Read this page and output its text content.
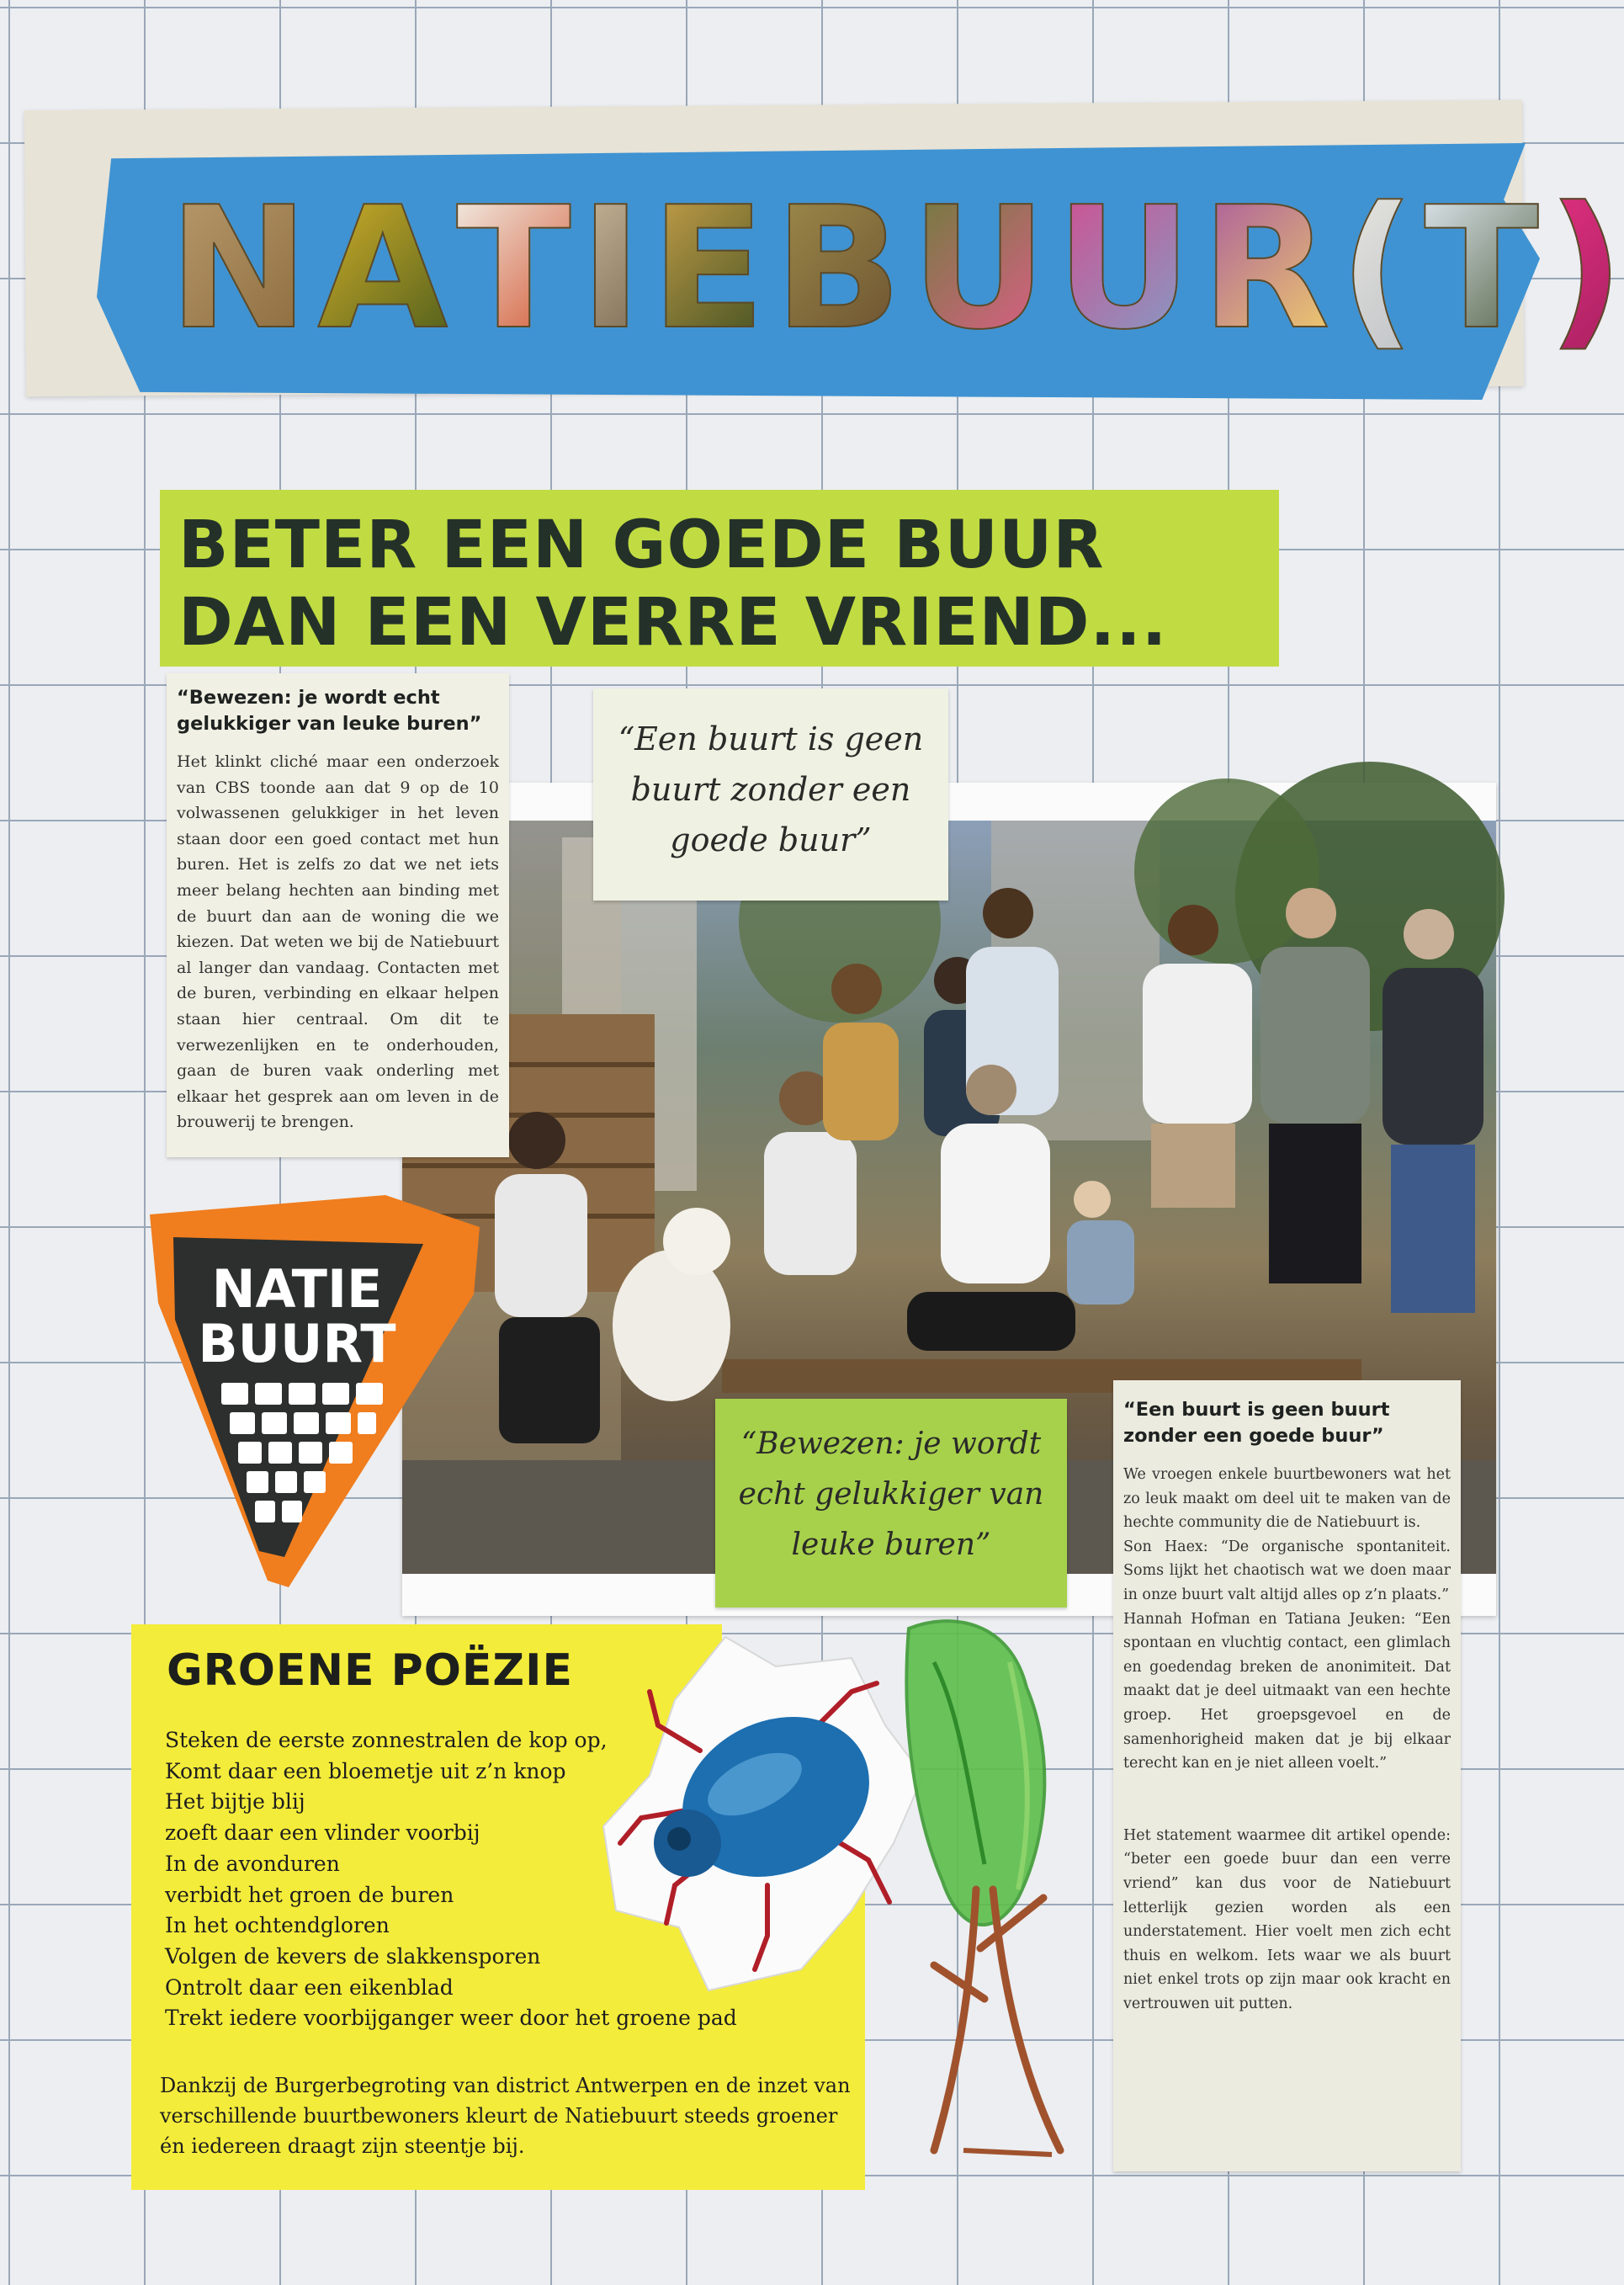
N A T I E B U U R ( T )
BETER EEN GOEDE BUUR
DAN EEN VERRE VRIEND...
“Bewezen: je wordt echt gelukkiger van leuke buren”
Het klinkt cliché maar een onderzoek van CBS toonde aan dat 9 op de 10 volwassenen gelukkiger in het leven staan door een goed contact met hun buren. Het is zelfs zo dat we net iets meer belang hechten aan binding met de buurt dan aan de woning die we kiezen. Dat weten we bij de Natiebuurt al langer dan vandaag. Contacten met de buren, verbinding en elkaar helpen staan hier centraal. Om dit te verwezenlijken en te onderhouden, gaan de buren vaak onderling met elkaar het gesprek aan om leven in de brouwerij te brengen.
“Een buurt is geen buurt zonder een goede buur”
“Bewezen: je wordt echt gelukkiger van leuke buren”
NATIE
BUURT
“Een buurt is geen buurt zonder een goede buur”

We vroegen enkele buurtbewoners wat het zo leuk maakt om deel uit te maken van de hechte community die de Natiebuurt is.

Son Haex: “De organische spontaniteit. Soms lijkt het chaotisch wat we doen maar in onze buurt valt altijd alles op z’n plaats.”

Hannah Hofman en Tatiana Jeuken: “Een spontaan en vluchtig contact, een glimlach en goedendag breken de anonimiteit. Dat maakt dat je deel uitmaakt van een hechte groep. Het groepsgevoel en de samenhorigheid maken dat je bij elkaar terecht kan en je niet alleen voelt.”

Het statement waarmee dit artikel opende: “beter een goede buur dan een verre vriend” kan dus voor de Natiebuurt letterlijk gezien worden als een understatement. Hier voelt men zich echt thuis en welkom. Iets waar we als buurt niet enkel trots op zijn maar ook kracht en vertrouwen uit putten.

GROENE POËZIE
Steken de eerste zonnestralen de kop op,
Komt daar een bloemetje uit z’n knop
Het bijtje blij
zoeft daar een vlinder voorbij
In de avonduren
verbidt het groen de buren
In het ochtendgloren
Volgen de kevers de slakkensporen
Ontrolt daar een eikenblad
Trekt iedere voorbijganger weer door het groene pad
Dankzij de Burgerbegroting van district Antwerpen en de inzet van verschillende buurtbewoners kleurt de Natiebuurt steeds groener én iedereen draagt zijn steentje bij.
